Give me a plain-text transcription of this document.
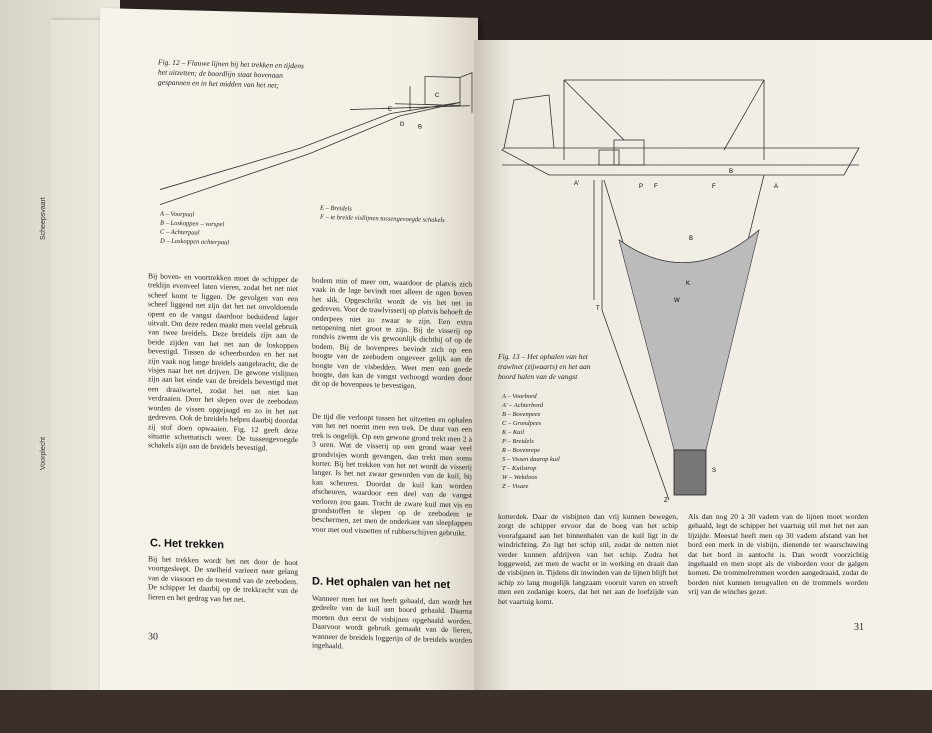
Scheepsvaart
Voorplecht
E
D B
C
Fig. 12 – Flauwe lijnen bij het trekken en tijdens het uitzetten; de boordlijn staat bovenaan gespannen en in het midden van het net;
A – Voorpaal
B – Loskoppen – vorspel
C – Achterpaal
D – Loskoppen achterpaal
E – Breidels
F – te breide visllijnen tussengevoegde schakels

Bij boven- en voortrekken moet de schipper de treklijn evenveel laten vieren, zodat het net niet scheef komt te liggen. De gevolgen van een scheef liggend net zijn dat het net onvoldoende opent en de vangst daardoor beduidend lager uitvalt. Om deze reden maakt men veelal gebruik van twee breidels. Deze breidels zijn aan de beide zijden van het net aan de loskoppen bevestigd. Tussen de scheerborden en het net zijn vaak nog lange breidels aangebracht, die de visjes naar het net drijven. De gewone vislijnen zijn aan het einde van de breidels bevestigd met een draaiwartel, zodat het net niet kan verdraaien. Door het slepen over de zeebodem worden de vissen opgejaagd en zo in het net gedreven. Ook de breidels helpen daarbij doordat zij stof doen opwaaien. Fig. 12 geeft deze situatie schematisch weer. De tussengevoegde schakels zijn aan de breidels bevestigd.

C. Het trekken

Bij het trekken wordt het net door de boot voortgesleept. De snelheid varieert naar gelang van de vissoort en de toestand van de zeebodem. De schipper let daarbij op de trekkracht van de lieren en het gedrag van het net.

bodem min of meer om, waardoor de platvis zich vaak in de lage bevindt met alleen de ogen boven het slik. Opgeschrikt wordt de vis het net in gedreven. Voor de trawlvisserij op platvis behoeft de onderpees niet zo zwaar te zijn. Een extra netopening niet groot te zijn. Bij de visserij op rondvis zwemt de vis gewoonlijk dichtbij of op de bodem. Bij de bovenpees bevindt zich op een hoogte van de zeebodem ongeveer gelijk aan de hoogte van de visbedden. Weet men een goede hoogte, dan kan de vangst verhoogd worden door dit op de bovenpees te bevestigen.

De tijd die verloopt tussen het uitzetten en ophalen van het net noemt men een trek. De duur van een trek is ongelijk. Op een gewone grond trekt men 2 à 3 uren. Wat de visserij op een grond waar veel grondvisjes wordt gevangen, dan trekt men soms korter. Bij het trekken van het net wordt de visserij langer. Is het net zwaar geworden van de kuil, hij kan scheuren. Doordat de kuil kan worden afscheuren, waardoor een deel van de vangst verloren zou gaan. Tracht de zware kuil met vis en grondstoffen te slepen op de zeebodem te beschermen, zet men de onderkant van sleeplappen voor met oud visnetten of rubberschijven gebruikt.

D. Het ophalen van het net

Wanneer men het net heeft gehaald, dan wordt het gedeelte van de kuil aan boord gehaald. Daarna moeten dus eerst de visbijnen opgehaald worden. Daarvoor wordt gebruik gemaakt van de lieren, wanneer de breidels loggerijn of de breidels worden ingehaald.

30
A'	A
P F	F
B
B
T
S
K
W
Z
Fig. 13 – Het ophalen van het trawlnet (zijwaarts) en het aan boord halen van de vangst
A – Voorbord
A' – Achterbord
B – Bovenpees
C – Grondpees
K – Kuil
P – Breidels
R – Bovenrepe
S – Vissen daarop kuil
T – Kuilstrop
W – Wektloos
Z – Visare

kotterdek. Daar de visbijnen dan vrij kunnen bewegen, zorgt de schipper ervoor dat de boeg van het schip voorafgaand aan het binnenhalen van de kuil ligt in de windrichting. Zo ligt het schip stil, zodat de netten niet verder kunnen afdrijven van het schip. Zodra het loggeweid, zet men de wacht er in werking en draait dan de visbijnen in. Tijdens dit inwinden van de lijnen blijft het schip zo lang mogelijk langzaam vooruit varen en streeft men een zodanige koers, dat het net aan de loefzijde van het vaartuig komt.

Als dan nog 20 à 30 vadem van de lijnen moet worden gehaald, legt de schipper het vaartuig stil met het net aan lijzijde. Meestal heeft men op 30 vadem afstand van het bord een merk in de visbijn, dienende ter waarschuwing dat het bord in aantocht is. Dan wordt voorzichtig ingehaald en men stopt als de visborden voor de galgen komen. De trommelremmen worden aangedraaid, zodat de borden niet kunnen terugvallen en de trommels worden vrij van de winches gezet.

31
